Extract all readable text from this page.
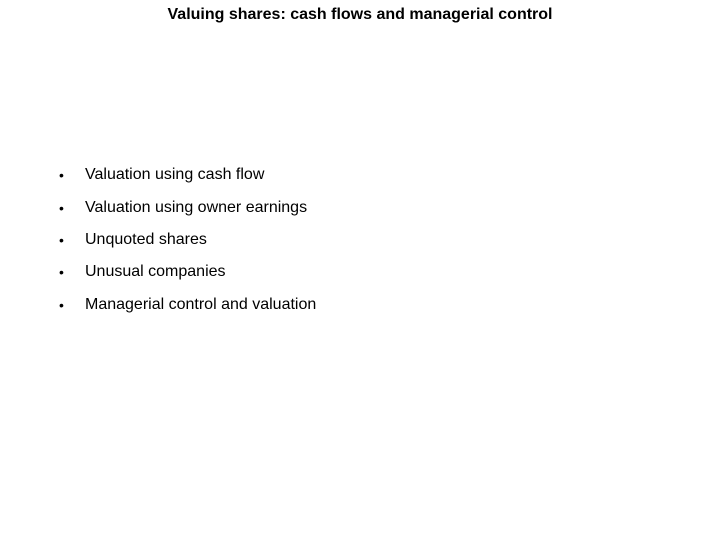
Valuing shares: cash flows and managerial control
•	Valuation using cash flow
•	Valuation using owner earnings
•	Unquoted shares
•	Unusual companies
•	Managerial control and valuation
